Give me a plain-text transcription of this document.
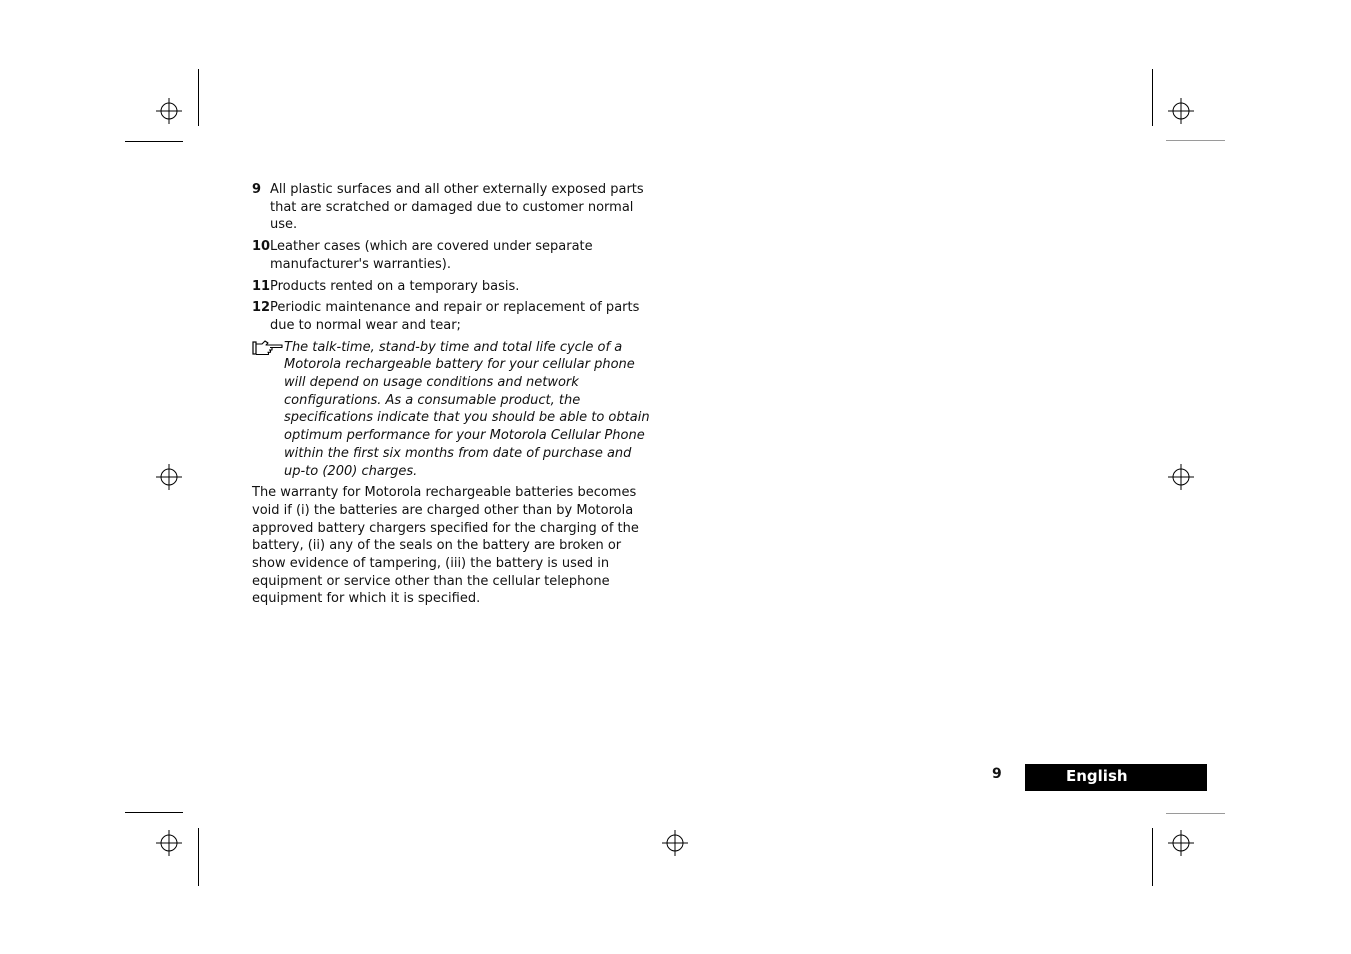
9 All plastic surfaces and all other externally exposed parts that are scratched or damaged due to customer normal use.
10 Leather cases (which are covered under separate manufacturer's warranties).
11 Products rented on a temporary basis.
12 Periodic maintenance and repair or replacement of parts due to normal wear and tear;
The talk-time, stand-by time and total life cycle of a Motorola rechargeable battery for your cellular phone will depend on usage conditions and network configurations. As a consumable product, the specifications indicate that you should be able to obtain optimum performance for your Motorola Cellular Phone within the first six months from date of purchase and up-to (200) charges.

The warranty for Motorola rechargeable batteries becomes void if (i) the batteries are charged other than by Motorola approved battery chargers specified for the charging of the battery, (ii) any of the seals on the battery are broken or show evidence of tampering, (iii) the battery is used in equipment or service other than the cellular telephone equipment for which it is specified.

9	English
